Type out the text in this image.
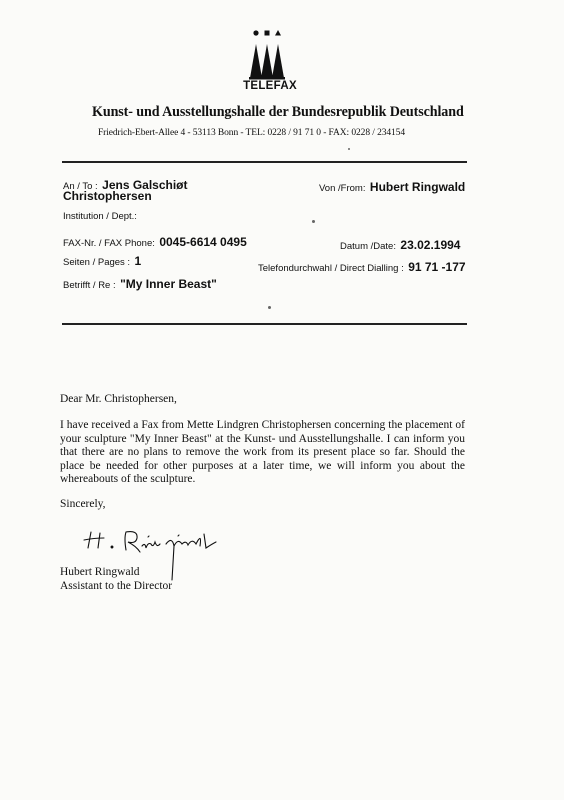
TELEFAX
Kunst- und Ausstellungshalle der Bundesrepublik Deutschland
Friedrich-Ebert-Allee 4 - 53113 Bonn - TEL: 0228 / 91 71 0 - FAX: 0228 / 234154
An / To : Jens Galschiøt
Christophersen
Von /From: Hubert Ringwald
Institution / Dept.:
FAX-Nr. / FAX Phone: 0045-6614 0495	Datum /Date: 23.02.1994
Seiten / Pages : 1
Telefondurchwahl / Direct Dialling : 91 71 -177
Betrifft / Re : "My Inner Beast"
Dear Mr. Christophersen,
I have received a Fax from Mette Lindgren Christophersen concerning the placement of your sculpture "My Inner Beast" at the Kunst- und Ausstellungshalle. I can inform you that there are no plans to remove the work from its present place so far. Should the place be needed for other purposes at a later time, we will inform you about the whereabouts of the sculpture.
Sincerely,
Hubert Ringwald
Assistant to the Director
